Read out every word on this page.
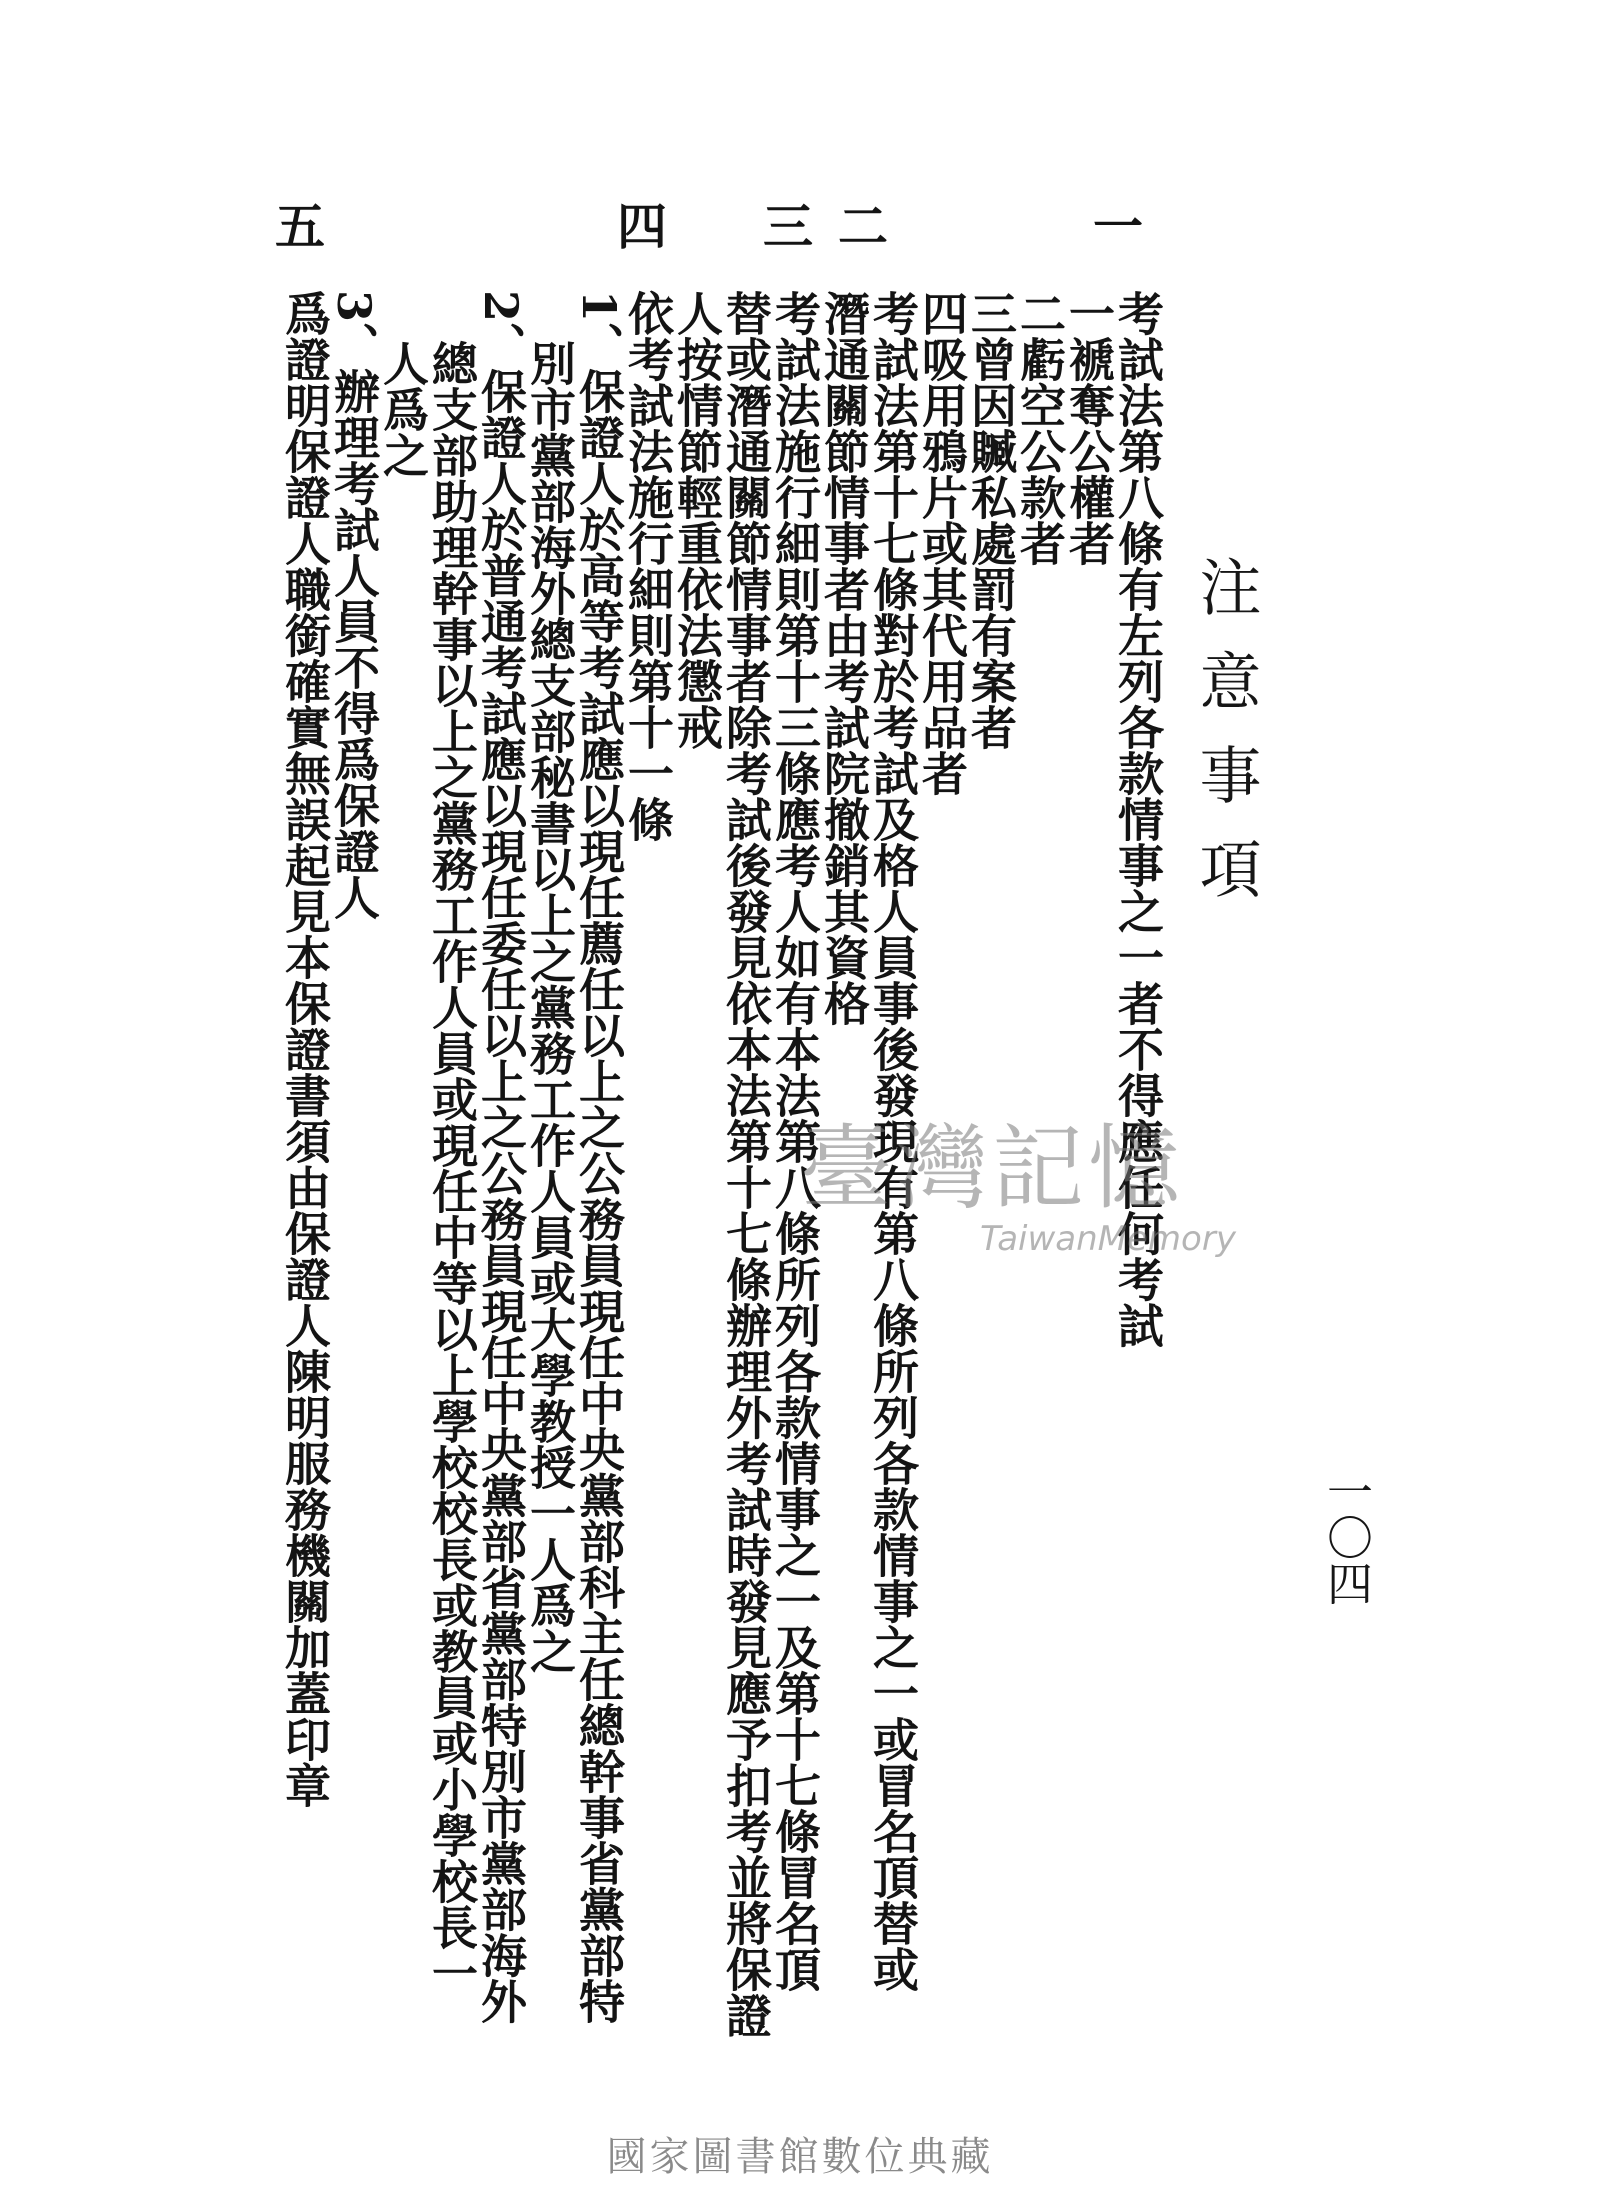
注意事項
一〇四
一
二
三
四
五
考試法第八條有左列各款情事之一者不得應任何考試
一褫奪公權者
二虧空公款者
三曾因贓私處罰有案者
四吸用鴉片或其代用品者
考試法第十七條對於考試及格人員事後發現有第八條所列各款情事之一或冒名頂替或
潛通關節情事者由考試院撤銷其資格
考試法施行細則第十三條應考人如有本法第八條所列各款情事之一及第十七條冒名頂
替或潛通關節情事者除考試後發見依本法第十七條辦理外考試時發見應予扣考並將保證
人按情節輕重依法懲戒
依考試法施行細則第十一條
1、保證人於高等考試應以現任薦任以上之公務員現任中央黨部科主任總幹事省黨部特
別市黨部海外總支部秘書以上之黨務工作人員或大學教授一人爲之
2、保證人於普通考試應以現任委任以上之公務員現任中央黨部省黨部特別市黨部海外
總支部助理幹事以上之黨務工作人員或現任中等以上學校校長或教員或小學校長一
人爲之
3、辦理考試人員不得爲保證人
爲證明保證人職銜確實無誤起見本保證書須由保證人陳明服務機關加蓋印章	臺灣記憶
TaiwanMemory
國家圖書館數位典藏
